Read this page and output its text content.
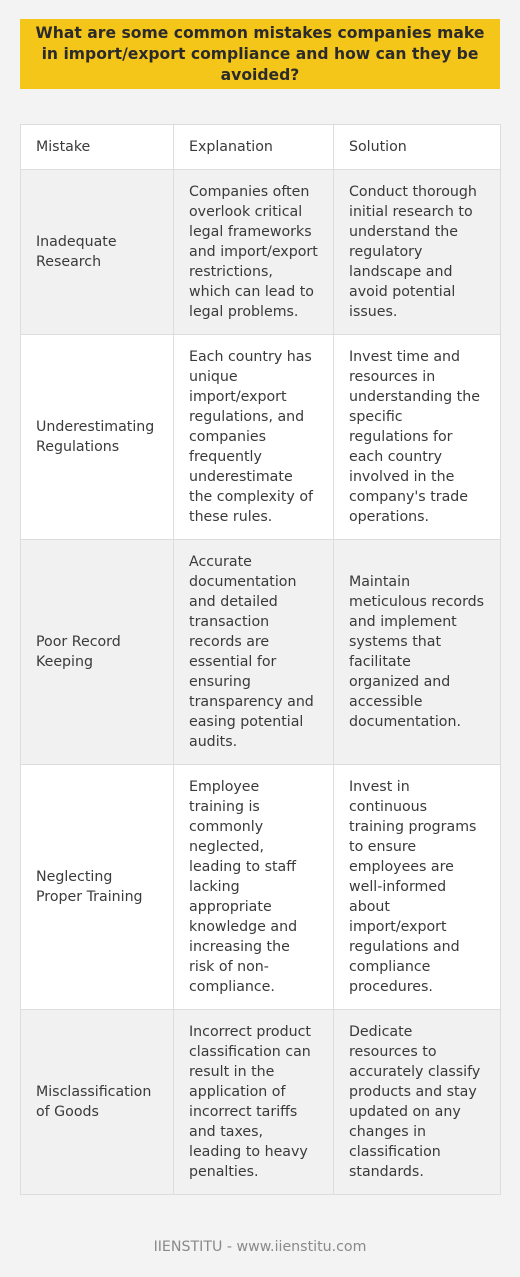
What are some common mistakes companies make in import/export compliance and how can they be avoided?
Mistake	Explanation	Solution
Inadequate Research	Companies often overlook critical legal frameworks and import/export restrictions, which can lead to legal problems.	Conduct thorough initial research to understand the regulatory landscape and avoid potential issues.
Underestimating Regulations	Each country has unique import/export regulations, and companies frequently underestimate the complexity of these rules.	Invest time and resources in understanding the specific regulations for each country involved in the company's trade operations.
Poor Record Keeping	Accurate documentation and detailed transaction records are essential for ensuring transparency and easing potential audits.	Maintain meticulous records and implement systems that facilitate organized and accessible documentation.
Neglecting Proper Training	Employee training is commonly neglected, leading to staff lacking appropriate knowledge and increasing the risk of non-compliance.	Invest in continuous training programs to ensure employees are well-informed about import/export regulations and compliance procedures.
Misclassification of Goods	Incorrect product classification can result in the application of incorrect tariffs and taxes, leading to heavy penalties.	Dedicate resources to accurately classify products and stay updated on any changes in classification standards.
IIENSTITU - www.iienstitu.com
